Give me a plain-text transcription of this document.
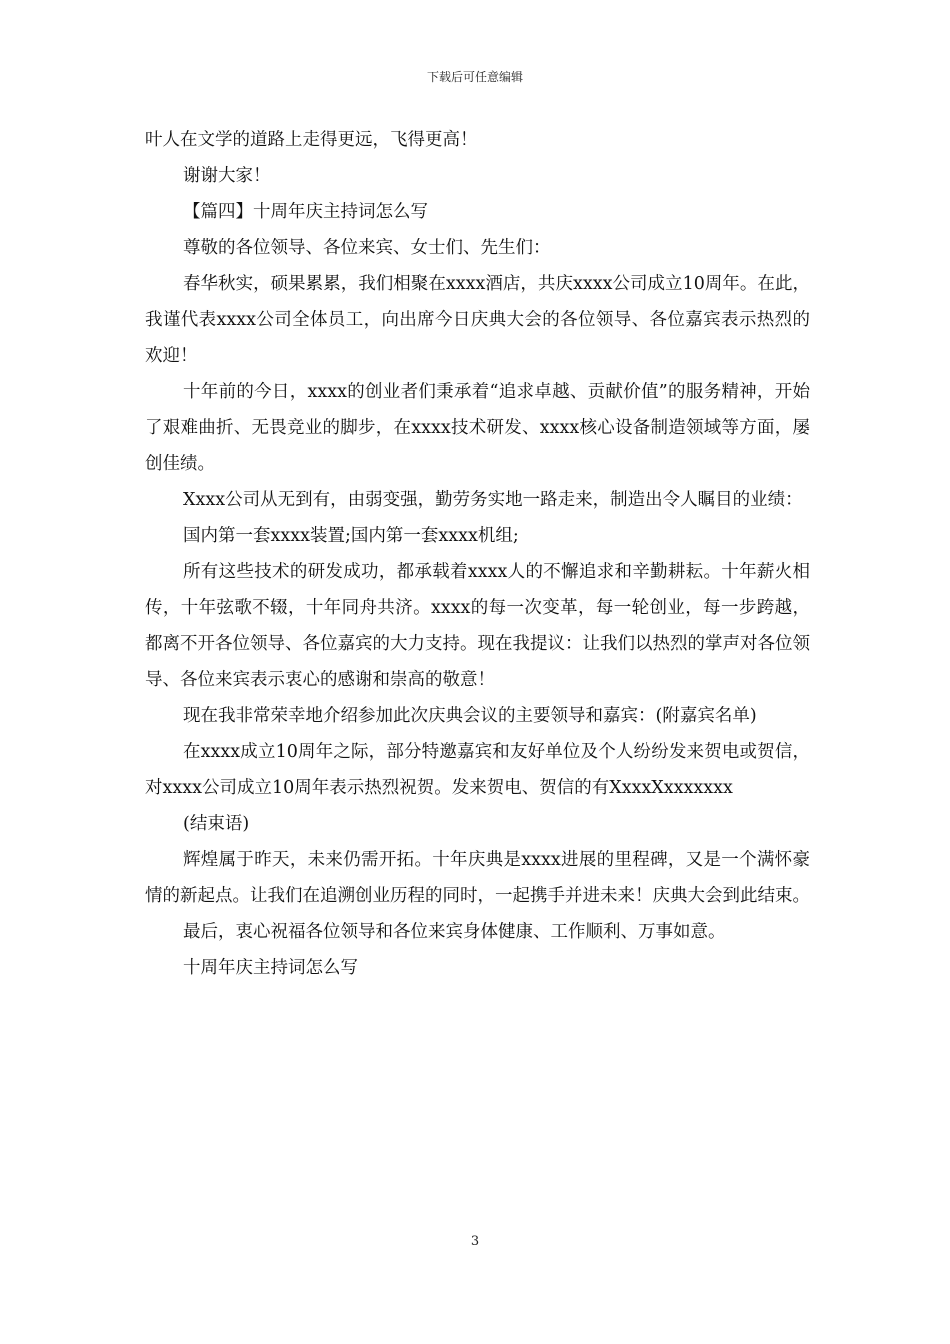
下载后可任意编辑

叶人在文学的道路上走得更远，飞得更高！

谢谢大家！

【篇四】十周年庆主持词怎么写

尊敬的各位领导、各位来宾、女士们、先生们：

春华秋实，硕果累累，我们相聚在xxxx酒店，共庆xxxx公司成立10周年。在此，我谨代表xxxx公司全体员工，向出席今日庆典大会的各位领导、各位嘉宾表示热烈的欢迎！

十年前的今日，xxxx的创业者们秉承着“追求卓越、贡献价值”的服务精神，开始了艰难曲折、无畏竞业的脚步，在xxxx技术研发、xxxx核心设备制造领域等方面，屡创佳绩。

Xxxx公司从无到有，由弱变强，勤劳务实地一路走来，制造出令人瞩目的业绩：

国内第一套xxxx装置;国内第一套xxxx机组;

所有这些技术的研发成功，都承载着xxxx人的不懈追求和辛勤耕耘。十年薪火相传，十年弦歌不辍，十年同舟共济。xxxx的每一次变革，每一轮创业，每一步跨越，都离不开各位领导、各位嘉宾的大力支持。现在我提议：让我们以热烈的掌声对各位领导、各位来宾表示衷心的感谢和崇高的敬意！

现在我非常荣幸地介绍参加此次庆典会议的主要领导和嘉宾：(附嘉宾名单)

在xxxx成立10周年之际，部分特邀嘉宾和友好单位及个人纷纷发来贺电或贺信，对xxxx公司成立10周年表示热烈祝贺。发来贺电、贺信的有XxxxXxxxxxxx

(结束语)

辉煌属于昨天，未来仍需开拓。十年庆典是xxxx进展的里程碑，又是一个满怀豪情的新起点。让我们在追溯创业历程的同时，一起携手并进未来！庆典大会到此结束。

最后，衷心祝福各位领导和各位来宾身体健康、工作顺利、万事如意。

十周年庆主持词怎么写

3
